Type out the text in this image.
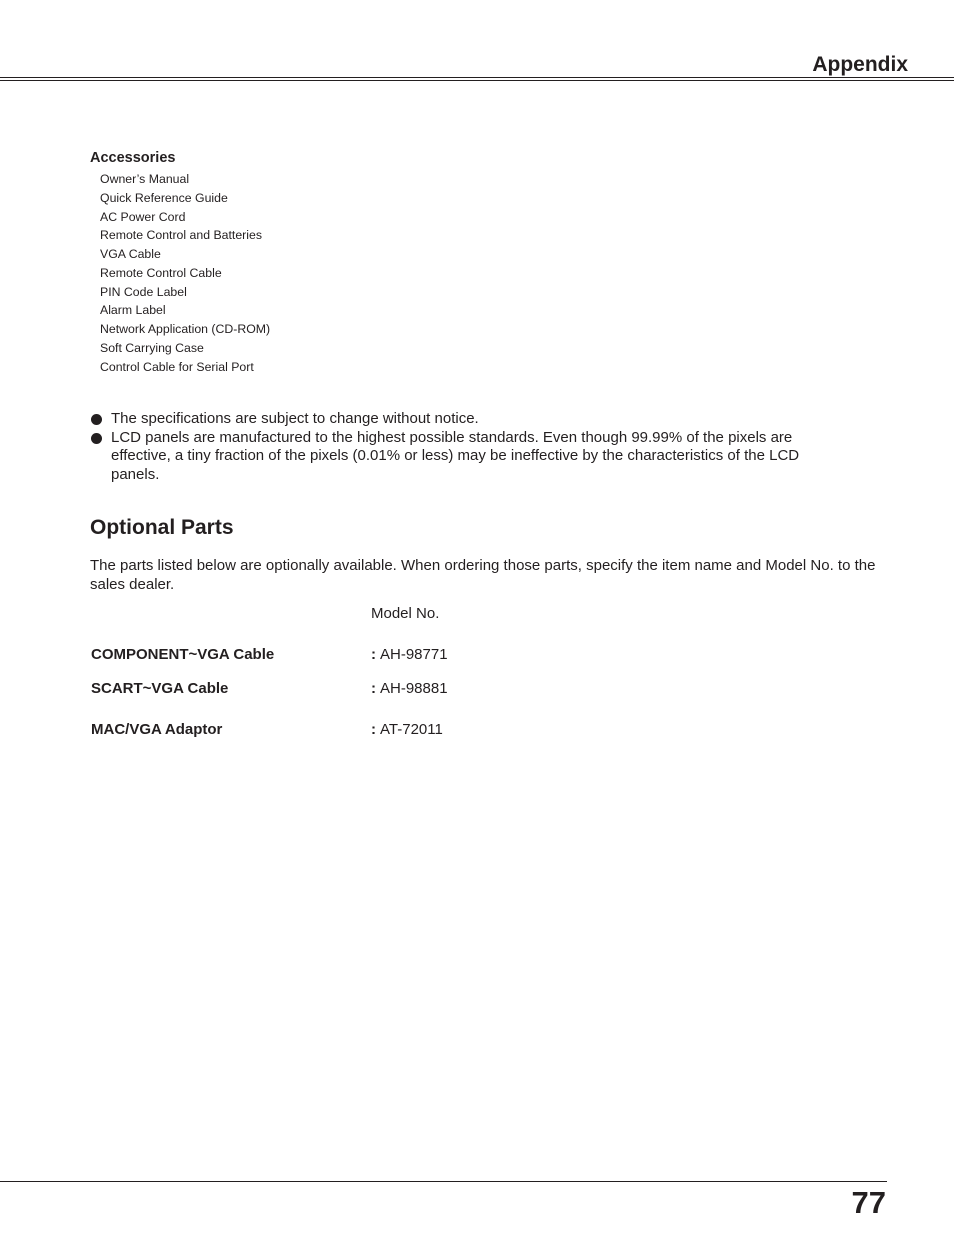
Appendix
Accessories
Owner’s Manual
Quick Reference Guide
AC Power Cord
Remote Control and Batteries
VGA Cable
Remote Control Cable
PIN Code Label
Alarm Label
Network Application (CD-ROM)
Soft Carrying Case
Control Cable for Serial Port
The specifications are subject to change without notice.
LCD panels are manufactured to the highest possible standards. Even though 99.99% of the pixels are effective, a tiny fraction of the pixels (0.01% or less) may be ineffective by the characteristics of the LCD panels.
Optional Parts
The parts listed below are optionally available. When ordering those parts, specify the item name and Model No. to the sales dealer.
Model No.
COMPONENT~VGA Cable	: AH-98771
SCART~VGA Cable	: AH-98881
MAC/VGA Adaptor	: AT-72011
77
